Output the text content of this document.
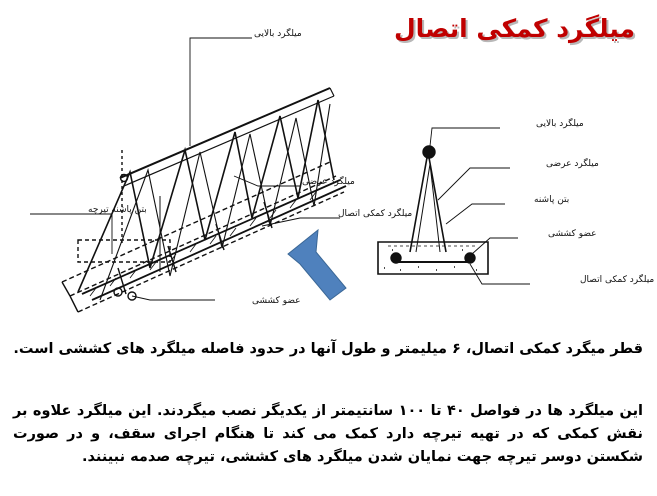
میلگرد کمکی اتصال
میلگرد بالایی
میلگرد عرضی
میلگرد کمکی اتصال
بتن پاشنه تیرچه
عضو کششی
میلگرد بالایی
میلگرد عرضی
بتن پاشنه
عضو کششی
میلگرد کمکی اتصال

قطر میگرد کمکی اتصال، ۶ میلیمتر و طول آنها در حدود فاصله میلگرد های کششی است.

این میلگرد ها در فواصل ۴۰ تا ۱۰۰ سانتیمتر از یکدیگر نصب میگردند. این میلگرد علاوه بر نقش کمکی که در تهیه تیرچه دارد کمک می کند تا هنگام اجرای سقف، و در صورت شکستن دوسر تیرچه جهت نمایان شدن میلگرد های کششی، تیرچه صدمه نبینند.
